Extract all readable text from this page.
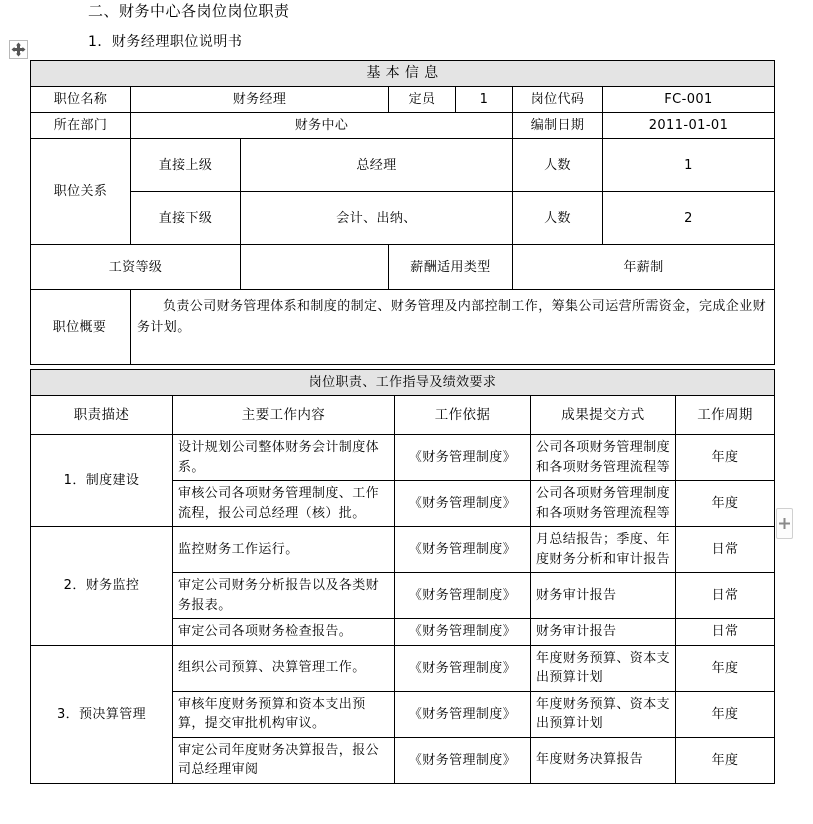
二、财务中心各岗位岗位职责
1．财务经理职位说明书
基 本 信 息						
职位名称	财务经理		定员	1	岗位代码	FC-001
所在部门	财务中心				编制日期	2011-01-01
职位关系	直接上级	总经理			人数	1
	直接下级	会计、出纳、			人数	2
工资等级			薪酬适用类型		年薪制	
职位概要	负责公司财务管理体系和制度的制定、财务管理及内部控制工作，筹集公司运营所需资金，完成企业财务计划。					
岗位职责、工作指导及绩效要求				
职责描述	主要工作内容	工作依据	成果提交方式	工作周期
1．制度建设	设计规划公司整体财务会计制度体系。	《财务管理制度》	公司各项财务管理制度和各项财务管理流程等	年度
	审核公司各项财务管理制度、工作流程，报公司总经理（核）批。	《财务管理制度》	公司各项财务管理制度和各项财务管理流程等	年度
2．财务监控	监控财务工作运行。	《财务管理制度》	月总结报告；季度、年度财务分析和审计报告	日常
	审定公司财务分析报告以及各类财务报表。	《财务管理制度》	财务审计报告	日常
	审定公司各项财务检查报告。	《财务管理制度》	财务审计报告	日常
3．预决算管理	组织公司预算、决算管理工作。	《财务管理制度》	年度财务预算、资本支出预算计划	年度
	审核年度财务预算和资本支出预算，提交审批机构审议。	《财务管理制度》	年度财务预算、资本支出预算计划	年度
	审定公司年度财务决算报告，报公司总经理审阅	《财务管理制度》	年度财务决算报告	年度
